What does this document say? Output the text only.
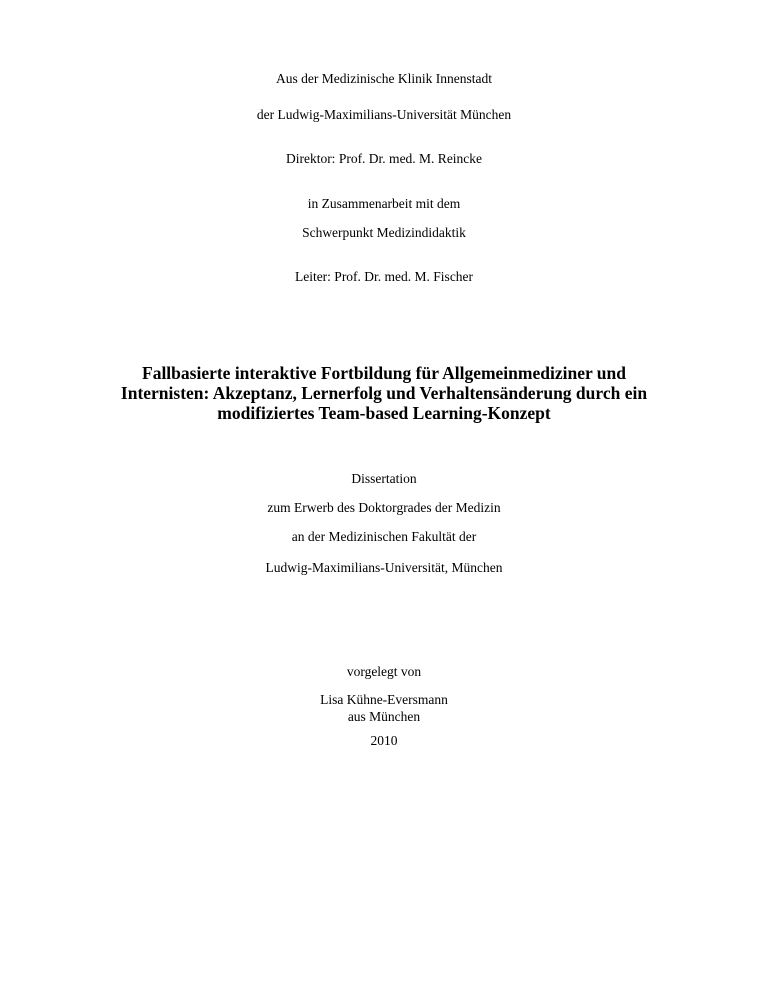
Aus der Medizinische Klinik Innenstadt
der Ludwig-Maximilians-Universität München
Direktor: Prof. Dr. med. M. Reincke
in Zusammenarbeit mit dem
Schwerpunkt Medizindidaktik
Leiter: Prof. Dr. med. M. Fischer
Fallbasierte interaktive Fortbildung für Allgemeinmediziner und
Internisten: Akzeptanz, Lernerfolg und Verhaltensänderung durch ein
modifiziertes Team-based Learning-Konzept
Dissertation
zum Erwerb des Doktorgrades der Medizin
an der Medizinischen Fakultät der
Ludwig-Maximilians-Universität, München
vorgelegt von
Lisa Kühne-Eversmann
aus München
2010
